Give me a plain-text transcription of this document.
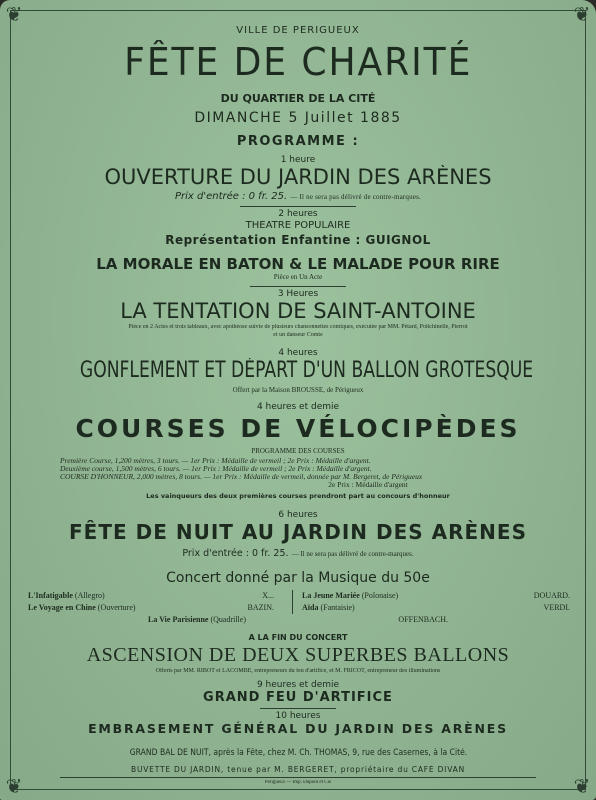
❦	❦
❦	❦
VILLE DE PERIGUEUX
FÊTE DE CHARITÉ
DU QUARTIER DE LA CITÉ
DIMANCHE 5 Juillet 1885
PROGRAMME :
1 heure
OUVERTURE DU JARDIN DES ARÈNES
Prix d'entrée : 0 fr. 25. — Il ne sera pas délivré de contre-marques.
2 heures
THEATRE POPULAIRE
Représentation Enfantine : GUIGNOL
LA MORALE EN BATON & LE MALADE POUR RIRE
Pièce en Un Acte
3 Heures
LA TENTATION DE SAINT-ANTOINE
Pièce en 2 Actes et trois tableaux, avec apothéose suivie de plusieurs chansonnettes comiques, exécutée par MM. Pétard, Polichinelle, Pierrot
et un danseur Comte
4 heures
GONFLEMENT ET DÉPART D'UN BALLON GROTESQUE
Offert par la Maison BROUSSE, de Périgueux
4 heures et demie
COURSES DE VÉLOCIPÈDES
PROGRAMME DES COURSES
Première Course, 1,200 mètres, 3 tours. — 1er Prix : Médaille de vermeil ; 2e Prix : Médaille d'argent.
Deuxième course, 1,500 mètres, 6 tours. — 1er Prix : Médaille de vermeil ; 2e Prix : Médaille d'argent.
COURSE D'HONNEUR, 2,000 mètres, 8 tours. — 1er Prix : Médaille de vermeil, donnée par M. Bergeret, de Périgueux
2e Prix : Médaille d'argent
Les vainqueurs des deux premières courses prendront part au concours d'honneur
6 heures
FÊTE DE NUIT AU JARDIN DES ARÈNES
Prix d'entrée : 0 fr. 25. — Il ne sera pas délivré de contre-marques.
Concert donné par la Musique du 50e
L'Infatigable (Allegro)	X...
Le Voyage en Chine (Ouverture)	BAZIN.
La Jeune Mariée (Polonaise)	DOUARD.
Aïda (Fantaisie)	VERDI.
La Vie Parisienne (Quadrille)	OFFENBACH.
A LA FIN DU CONCERT
ASCENSION DE DEUX SUPERBES BALLONS
Offerts par MM. RIBOT et LACOMBE, entrepreneurs du feu d'artifice, et M. FRICOT, entrepreneur des illuminations
9 heures et demie
GRAND FEU D'ARTIFICE
10 heures
EMBRASEMENT GÉNÉRAL DU JARDIN DES ARÈNES
GRAND BAL DE NUIT, après la Fête, chez M. Ch. THOMAS, 9, rue des Casernes, à la Cité.
BUVETTE DU JARDIN, tenue par M. BERGERET, propriétaire du CAFÉ DIVAN
Périgueux — Imp. Dupont et Cie
